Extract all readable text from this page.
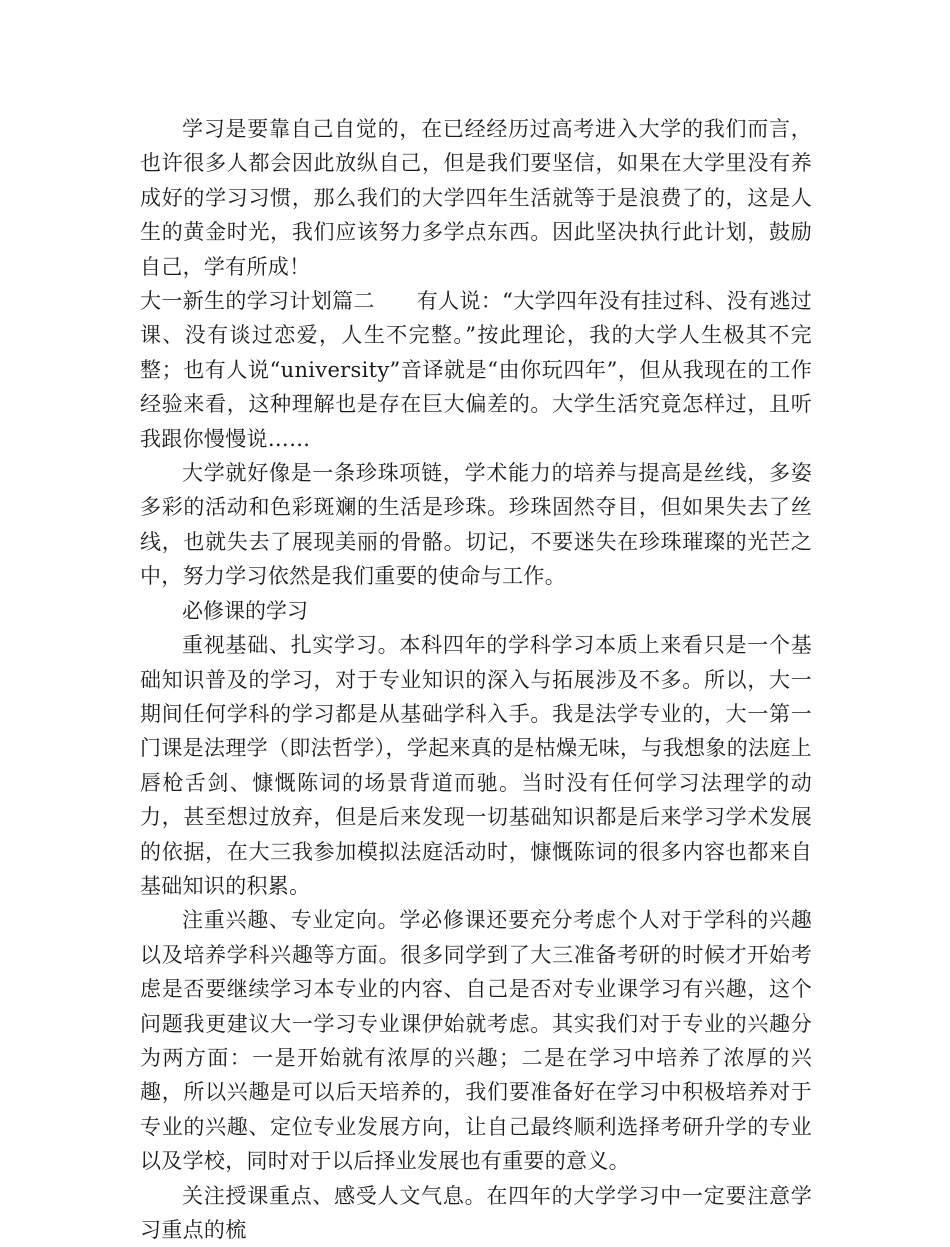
学习是要靠自己自觉的，在已经经历过高考进入大学的我们而言，也许很多人都会因此放纵自己，但是我们要坚信，如果在大学里没有养成好的学习习惯，那么我们的大学四年生活就等于是浪费了的，这是人生的黄金时光，我们应该努力多学点东西。因此坚决执行此计划，鼓励自己，学有所成！

大一新生的学习计划篇二 有人说：“大学四年没有挂过科、没有逃过课、没有谈过恋爱，人生不完整。”按此理论，我的大学人生极其不完整；也有人说“university”音译就是“由你玩四年”，但从我现在的工作经验来看，这种理解也是存在巨大偏差的。大学生活究竟怎样过，且听我跟你慢慢说……

大学就好像是一条珍珠项链，学术能力的培养与提高是丝线，多姿多彩的活动和色彩斑斓的生活是珍珠。珍珠固然夺目，但如果失去了丝线，也就失去了展现美丽的骨骼。切记，不要迷失在珍珠璀璨的光芒之中，努力学习依然是我们重要的使命与工作。

必修课的学习

重视基础、扎实学习。本科四年的学科学习本质上来看只是一个基础知识普及的学习，对于专业知识的深入与拓展涉及不多。所以，大一期间任何学科的学习都是从基础学科入手。我是法学专业的，大一第一门课是法理学（即法哲学），学起来真的是枯燥无味，与我想象的法庭上唇枪舌剑、慷慨陈词的场景背道而驰。当时没有任何学习法理学的动力，甚至想过放弃，但是后来发现一切基础知识都是后来学习学术发展的依据，在大三我参加模拟法庭活动时，慷慨陈词的很多内容也都来自基础知识的积累。

注重兴趣、专业定向。学必修课还要充分考虑个人对于学科的兴趣以及培养学科兴趣等方面。很多同学到了大三准备考研的时候才开始考虑是否要继续学习本专业的内容、自己是否对专业课学习有兴趣，这个问题我更建议大一学习专业课伊始就考虑。其实我们对于专业的兴趣分为两方面：一是开始就有浓厚的兴趣；二是在学习中培养了浓厚的兴趣，所以兴趣是可以后天培养的，我们要准备好在学习中积极培养对于专业的兴趣、定位专业发展方向，让自己最终顺利选择考研升学的专业以及学校，同时对于以后择业发展也有重要的意义。

关注授课重点、感受人文气息。在四年的大学学习中一定要注意学习重点的梳
